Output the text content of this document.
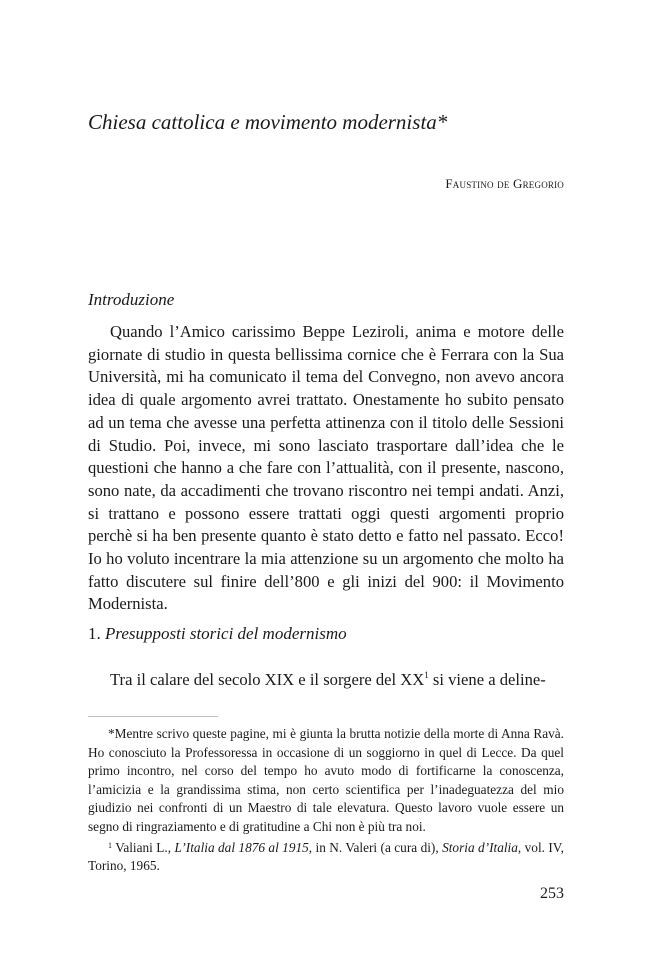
Chiesa cattolica e movimento modernista*
Faustino de Gregorio
Introduzione

Quando l’Amico carissimo Beppe Leziroli, anima e motore delle giornate di studio in questa bellissima cornice che è Ferrara con la Sua Università, mi ha comunicato il tema del Convegno, non avevo ancora idea di quale argomento avrei trattato. Onestamente ho subito pensato ad un tema che avesse una perfetta attinenza con il titolo delle Sessioni di Studio. Poi, invece, mi sono lasciato trasportare dall’idea che le questioni che hanno a che fare con l’attualità, con il presente, nascono, sono nate, da accadimenti che trovano riscontro nei tempi andati. Anzi, si trattano e possono essere trattati oggi questi argomenti proprio perchè si ha ben presente quanto è stato detto e fatto nel passato. Ecco! Io ho voluto incentrare la mia attenzione su un argomento che molto ha fatto discutere sul finire dell’800 e gli inizi del 900: il Movimento Modernista.

1. Presupposti storici del modernismo

Tra il calare del secolo XIX e il sorgere del XX$^1$ si viene a deline-

*Mentre scrivo queste pagine, mi è giunta la brutta notizie della morte di Anna Ravà. Ho conosciuto la Professoressa in occasione di un soggiorno in quel di Lecce. Da quel primo incontro, nel corso del tempo ho avuto modo di fortificarne la conoscenza, l’amicizia e la grandissima stima, non certo scientifica per l’inadeguatezza del mio giudizio nei confronti di un Maestro di tale elevatura. Questo lavoro vuole essere un segno di ringraziamento e di gratitudine a Chi non è più tra noi.

$^1$ Valiani L., L’Italia dal 1876 al 1915, in N. Valeri (a cura di), Storia d’Italia, vol. IV, Torino, 1965.

253
